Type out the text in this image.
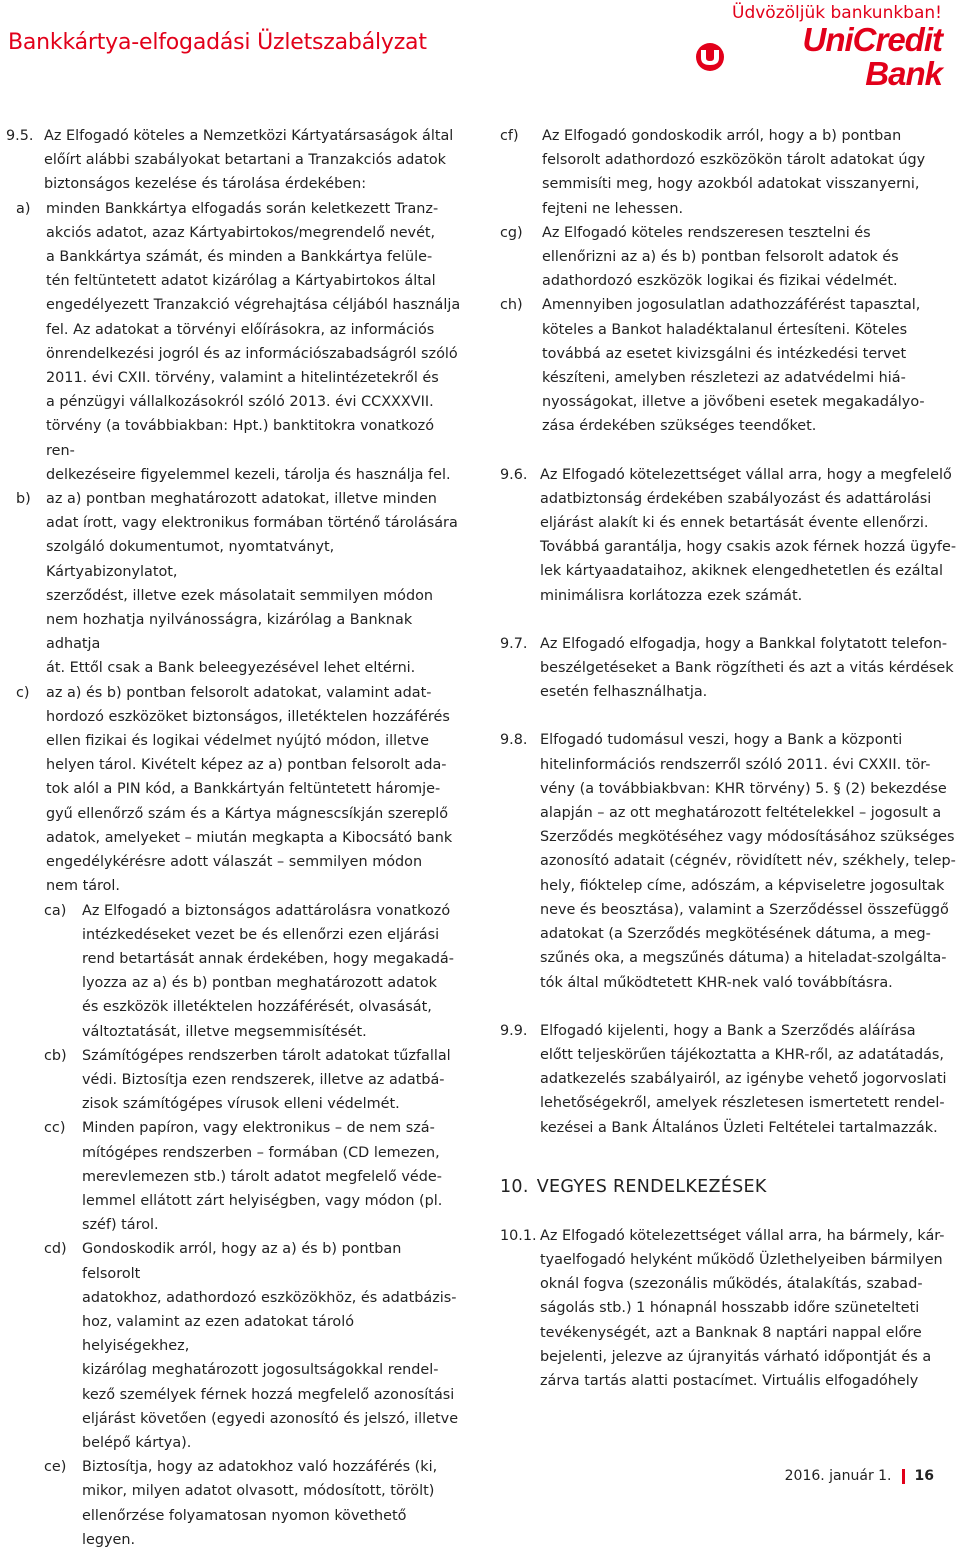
Bankkártya-elfogadási Üzletszabályzat
Üdvözöljük bankunkban!
UniCredit Bank
9.5. Az Elfogadó köteles a Nemzetközi Kártyatársaságok által
előírt alábbi szabályokat betartani a Tranzakciós adatok
biztonságos kezelése és tárolása érdekében:
a)	minden Bankkártya elfogadás során keletkezett Tranz-
akciós adatot, azaz Kártyabirtokos/megrendelő nevét,
a Bankkártya számát, és minden a Bankkártya felüle-
tén feltüntetett adatot kizárólag a Kártyabirtokos által
engedélyezett Tranzakció végrehajtása céljából használja
fel. Az adatokat a törvényi előírásokra, az információs
önrendelkezési jogról és az információszabadságról szóló
2011. évi CXII. törvény, valamint a hitelintézetekről és
a pénzügyi vállalkozásokról szóló 2013. évi CCXXXVII.
törvény (a továbbiakban: Hpt.) banktitokra vonatkozó ren-
delkezéseire figyelemmel kezeli, tárolja és használja fel.
b)	az a) pontban meghatározott adatokat, illetve minden
adat írott, vagy elektronikus formában történő tárolására
szolgáló dokumentumot, nyomtatványt, Kártyabizonylatot,
szerződést, illetve ezek másolatait semmilyen módon
nem hozhatja nyilvánosságra, kizárólag a Banknak adhatja
át. Ettől csak a Bank beleegyezésével lehet eltérni.
c)	az a) és b) pontban felsorolt adatokat, valamint adat-
hordozó eszközöket biztonságos, illetéktelen hozzáférés
ellen fizikai és logikai védelmet nyújtó módon, illetve
helyen tárol. Kivételt képez az a) pontban felsorolt ada-
tok alól a PIN kód, a Bankkártyán feltüntetett háromje-
gyű ellenőrző szám és a Kártya mágnescsíkján szereplő
adatok, amelyeket – miután megkapta a Kibocsátó bank
engedélykérésre adott válaszát – semmilyen módon
nem tárol.
ca)	Az Elfogadó a biztonságos adattárolásra vonatkozó
intézkedéseket vezet be és ellenőrzi ezen eljárási
rend betartását annak érdekében, hogy megakadá-
lyozza az a) és b) pontban meghatározott adatok
és eszközök illetéktelen hozzáférését, olvasását,
változtatását, illetve megsemmisítését.
cb)	Számítógépes rendszerben tárolt adatokat tűzfallal
védi. Biztosítja ezen rendszerek, illetve az adatbá-
zisok számítógépes vírusok elleni védelmét.
cc)	Minden papíron, vagy elektronikus – de nem szá-
mítógépes rendszerben – formában (CD lemezen,
merevlemezen stb.) tárolt adatot megfelelő véde-
lemmel ellátott zárt helyiségben, vagy módon (pl.
széf) tárol.
cd)	Gondoskodik arról, hogy az a) és b) pontban felsorolt
adatokhoz, adathordozó eszközökhöz, és adatbázis-
hoz, valamint az ezen adatokat tároló helyiségekhez,
kizárólag meghatározott jogosultságokkal rendel-
kező személyek férnek hozzá megfelelő azonosítási
eljárást követően (egyedi azonosító és jelszó, illetve
belépő kártya).
ce)	Biztosítja, hogy az adatokhoz való hozzáférés (ki,
mikor, milyen adatot olvasott, módosított, törölt)
ellenőrzése folyamatosan nyomon követhető legyen.
cf)	Az Elfogadó gondoskodik arról, hogy a b) pontban
felsorolt adathordozó eszközökön tárolt adatokat úgy
semmisíti meg, hogy azokból adatokat visszanyerni,
fejteni ne lehessen.
cg)	Az Elfogadó köteles rendszeresen tesztelni és
ellenőrizni az a) és b) pontban felsorolt adatok és
adathordozó eszközök logikai és fizikai védelmét.
ch)	Amennyiben jogosulatlan adathozzáférést tapasztal,
köteles a Bankot haladéktalanul értesíteni. Köteles
továbbá az esetet kivizsgálni és intézkedési tervet
készíteni, amelyben részletezi az adatvédelmi hiá-
nyosságokat, illetve a jövőbeni esetek megakadályo-
zása érdekében szükséges teendőket.
9.6. Az Elfogadó kötelezettséget vállal arra, hogy a megfelelő
adatbiztonság érdekében szabályozást és adattárolási
eljárást alakít ki és ennek betartását évente ellenőrzi.
Továbbá garantálja, hogy csakis azok férnek hozzá ügyfe-
lek kártyaadataihoz, akiknek elengedhetetlen és ezáltal
minimálisra korlátozza ezek számát.
9.7. Az Elfogadó elfogadja, hogy a Bankkal folytatott telefon-
beszélgetéseket a Bank rögzítheti és azt a vitás kérdések
esetén felhasználhatja.
9.8. Elfogadó tudomásul veszi, hogy a Bank a központi
hitelinformációs rendszerről szóló 2011. évi CXXII. tör-
vény (a továbbiakbvan: KHR törvény) 5. § (2) bekezdése
alapján – az ott meghatározott feltételekkel – jogosult a
Szerződés megkötéséhez vagy módosításához szükséges
azonosító adatait (cégnév, rövidített név, székhely, telep-
hely, fióktelep címe, adószám, a képviseletre jogosultak
neve és beosztása), valamint a Szerződéssel összefüggő
adatokat (a Szerződés megkötésének dátuma, a meg-
szűnés oka, a megszűnés dátuma) a hiteladat-szolgálta-
tók által működtetett KHR-nek való továbbításra.
9.9. Elfogadó kijelenti, hogy a Bank a Szerződés aláírása
előtt teljeskörűen tájékoztatta a KHR-ről, az adatátadás,
adatkezelés szabályairól, az igénybe vehető jogorvoslati
lehetőségekről, amelyek részletesen ismertetett rendel-
kezései a Bank Általános Üzleti Feltételei tartalmazzák.
10. VEGYES RENDELKEZÉSEK
10.1. Az Elfogadó kötelezettséget vállal arra, ha bármely, kár-
tyaelfogadó helyként működő Üzlethelyeiben bármilyen
oknál fogva (szezonális működés, átalakítás, szabad-
ságolás stb.) 1 hónapnál hosszabb időre szünetelteti
tevékenységét, azt a Banknak 8 naptári nappal előre
bejelenti, jelezve az újranyitás várható időpontját és a
zárva tartás alatti postacímet. Virtuális elfogadóhely
2016. január 1. 16
